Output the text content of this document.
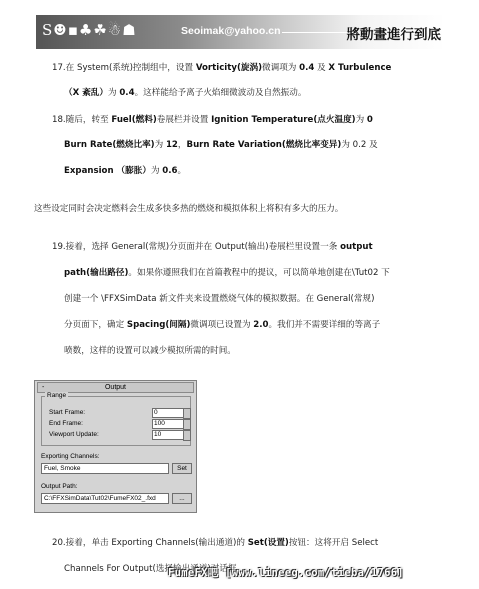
S☻▪♣☘☃☗	Seoimak@yahoo.cn	將動畫進行到底
17.在 System(系统)控制组中，设置 Vorticity(旋涡)微调项为 0.4 及 X Turbulence
（X 紊乱）为 0.4。这样能给予离子火焰细微波动及自然振动。
18.随后，转至 Fuel(燃料)卷展栏并设置 Ignition Temperature(点火温度)为 0
Burn Rate(燃烧比率)为 12，Burn Rate Variation(燃烧比率变异)为 0.2 及
Expansion （膨胀）为 0.6。
这些设定同时会决定燃料会生成多快多热的燃烧和模拟体积上将积有多大的压力。
19.接着，选择 General(常规)分页面并在 Output(输出)卷展栏里设置一条 output
path(输出路径)。如果你遵照我们在首篇教程中的提议，可以简单地创建在\Tut02 下
创建一个 \FFXSimData 新文件夹来设置燃烧气体的模拟数据。在 General(常规)
分页面下，确定 Spacing(间隔)微调项已设置为 2.0。我们并不需要详细的等离子
喷数，这样的设置可以减少模拟所需的时间。
-	Output
Range
Start Frame:	0
End Frame:	100
Viewport Update:	10
Exporting Channels:
Fuel, Smoke	Set
Output Path:
C:\FFXSimData\Tut02\FumeFX02_.fxd	...
20.接着，单击 Exporting Channels(输出通道)的 Set(设置)按钮：这将开启 Select
Channels For Output(选择输出通道)对话框。
FumeFX吧 [www.lineeg.com/tieba/1766]
